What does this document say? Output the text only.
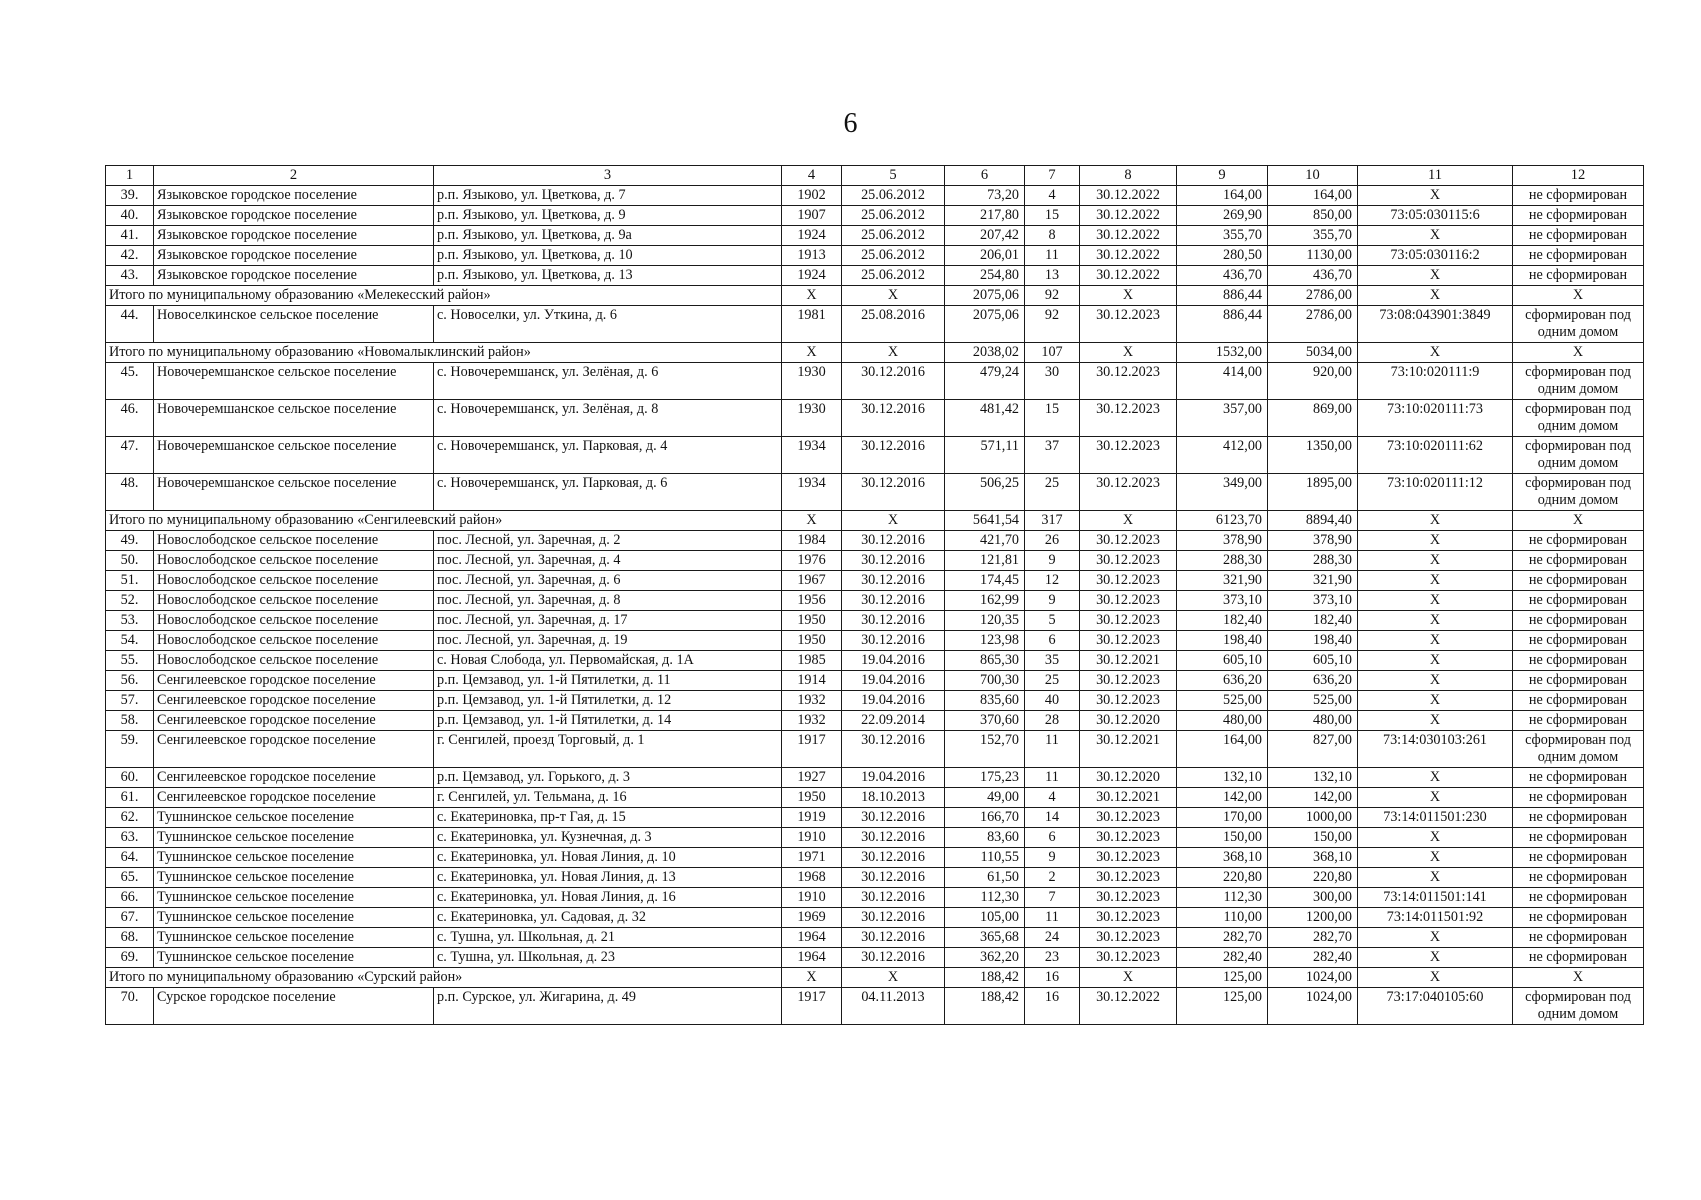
6
1	2	3	4	5	6	7	8	9	10	11	12
39.	Языковское городское поселение	р.п. Языково, ул. Цветкова, д. 7	1902	25.06.2012	73,20	4	30.12.2022	164,00	164,00	X	не сформирован
40.	Языковское городское поселение	р.п. Языково, ул. Цветкова, д. 9	1907	25.06.2012	217,80	15	30.12.2022	269,90	850,00	73:05:030115:6	не сформирован
41.	Языковское городское поселение	р.п. Языково, ул. Цветкова, д. 9а	1924	25.06.2012	207,42	8	30.12.2022	355,70	355,70	X	не сформирован
42.	Языковское городское поселение	р.п. Языково, ул. Цветкова, д. 10	1913	25.06.2012	206,01	11	30.12.2022	280,50	1130,00	73:05:030116:2	не сформирован
43.	Языковское городское поселение	р.п. Языково, ул. Цветкова, д. 13	1924	25.06.2012	254,80	13	30.12.2022	436,70	436,70	X	не сформирован
Итого по муниципальному образованию «Мелекесский район»			X	X	2075,06	92	X	886,44	2786,00	X	X
44.	Новоселкинское сельское поселение	с. Новоселки, ул. Уткина, д. 6	1981	25.08.2016	2075,06	92	30.12.2023	886,44	2786,00	73:08:043901:3849	сформирован под одним домом
Итого по муниципальному образованию «Новомалыклинский район»			X	X	2038,02	107	X	1532,00	5034,00	X	X
45.	Новочеремшанское сельское поселение	с. Новочеремшанск, ул. Зелёная, д. 6	1930	30.12.2016	479,24	30	30.12.2023	414,00	920,00	73:10:020111:9	сформирован под одним домом
46.	Новочеремшанское сельское поселение	с. Новочеремшанск, ул. Зелёная, д. 8	1930	30.12.2016	481,42	15	30.12.2023	357,00	869,00	73:10:020111:73	сформирован под одним домом
47.	Новочеремшанское сельское поселение	с. Новочеремшанск, ул. Парковая, д. 4	1934	30.12.2016	571,11	37	30.12.2023	412,00	1350,00	73:10:020111:62	сформирован под одним домом
48.	Новочеремшанское сельское поселение	с. Новочеремшанск, ул. Парковая, д. 6	1934	30.12.2016	506,25	25	30.12.2023	349,00	1895,00	73:10:020111:12	сформирован под одним домом
Итого по муниципальному образованию «Сенгилеевский район»			X	X	5641,54	317	X	6123,70	8894,40	X	X
49.	Новослободское сельское поселение	пос. Лесной, ул. Заречная, д. 2	1984	30.12.2016	421,70	26	30.12.2023	378,90	378,90	X	не сформирован
50.	Новослободское сельское поселение	пос. Лесной, ул. Заречная, д. 4	1976	30.12.2016	121,81	9	30.12.2023	288,30	288,30	X	не сформирован
51.	Новослободское сельское поселение	пос. Лесной, ул. Заречная, д. 6	1967	30.12.2016	174,45	12	30.12.2023	321,90	321,90	X	не сформирован
52.	Новослободское сельское поселение	пос. Лесной, ул. Заречная, д. 8	1956	30.12.2016	162,99	9	30.12.2023	373,10	373,10	X	не сформирован
53.	Новослободское сельское поселение	пос. Лесной, ул. Заречная, д. 17	1950	30.12.2016	120,35	5	30.12.2023	182,40	182,40	X	не сформирован
54.	Новослободское сельское поселение	пос. Лесной, ул. Заречная, д. 19	1950	30.12.2016	123,98	6	30.12.2023	198,40	198,40	X	не сформирован
55.	Новослободское сельское поселение	с. Новая Слобода, ул. Первомайская, д. 1А	1985	19.04.2016	865,30	35	30.12.2021	605,10	605,10	X	не сформирован
56.	Сенгилеевское городское поселение	р.п. Цемзавод, ул. 1-й Пятилетки, д. 11	1914	19.04.2016	700,30	25	30.12.2023	636,20	636,20	X	не сформирован
57.	Сенгилеевское городское поселение	р.п. Цемзавод, ул. 1-й Пятилетки, д. 12	1932	19.04.2016	835,60	40	30.12.2023	525,00	525,00	X	не сформирован
58.	Сенгилеевское городское поселение	р.п. Цемзавод, ул. 1-й Пятилетки, д. 14	1932	22.09.2014	370,60	28	30.12.2020	480,00	480,00	X	не сформирован
59.	Сенгилеевское городское поселение	г. Сенгилей, проезд Торговый, д. 1	1917	30.12.2016	152,70	11	30.12.2021	164,00	827,00	73:14:030103:261	сформирован под одним домом
60.	Сенгилеевское городское поселение	р.п. Цемзавод, ул. Горького, д. 3	1927	19.04.2016	175,23	11	30.12.2020	132,10	132,10	X	не сформирован
61.	Сенгилеевское городское поселение	г. Сенгилей, ул. Тельмана, д. 16	1950	18.10.2013	49,00	4	30.12.2021	142,00	142,00	X	не сформирован
62.	Тушнинское сельское поселение	с. Екатериновка, пр-т Гая, д. 15	1919	30.12.2016	166,70	14	30.12.2023	170,00	1000,00	73:14:011501:230	не сформирован
63.	Тушнинское сельское поселение	с. Екатериновка, ул. Кузнечная, д. 3	1910	30.12.2016	83,60	6	30.12.2023	150,00	150,00	X	не сформирован
64.	Тушнинское сельское поселение	с. Екатериновка, ул. Новая Линия, д. 10	1971	30.12.2016	110,55	9	30.12.2023	368,10	368,10	X	не сформирован
65.	Тушнинское сельское поселение	с. Екатериновка, ул. Новая Линия, д. 13	1968	30.12.2016	61,50	2	30.12.2023	220,80	220,80	X	не сформирован
66.	Тушнинское сельское поселение	с. Екатериновка, ул. Новая Линия, д. 16	1910	30.12.2016	112,30	7	30.12.2023	112,30	300,00	73:14:011501:141	не сформирован
67.	Тушнинское сельское поселение	с. Екатериновка, ул. Садовая, д. 32	1969	30.12.2016	105,00	11	30.12.2023	110,00	1200,00	73:14:011501:92	не сформирован
68.	Тушнинское сельское поселение	с. Тушна, ул. Школьная, д. 21	1964	30.12.2016	365,68	24	30.12.2023	282,70	282,70	X	не сформирован
69.	Тушнинское сельское поселение	с. Тушна, ул. Школьная, д. 23	1964	30.12.2016	362,20	23	30.12.2023	282,40	282,40	X	не сформирован
Итого по муниципальному образованию «Сурский район»			X	X	188,42	16	X	125,00	1024,00	X	X
70.	Сурское городское поселение	р.п. Сурское, ул. Жигарина, д. 49	1917	04.11.2013	188,42	16	30.12.2022	125,00	1024,00	73:17:040105:60	сформирован под одним домом
